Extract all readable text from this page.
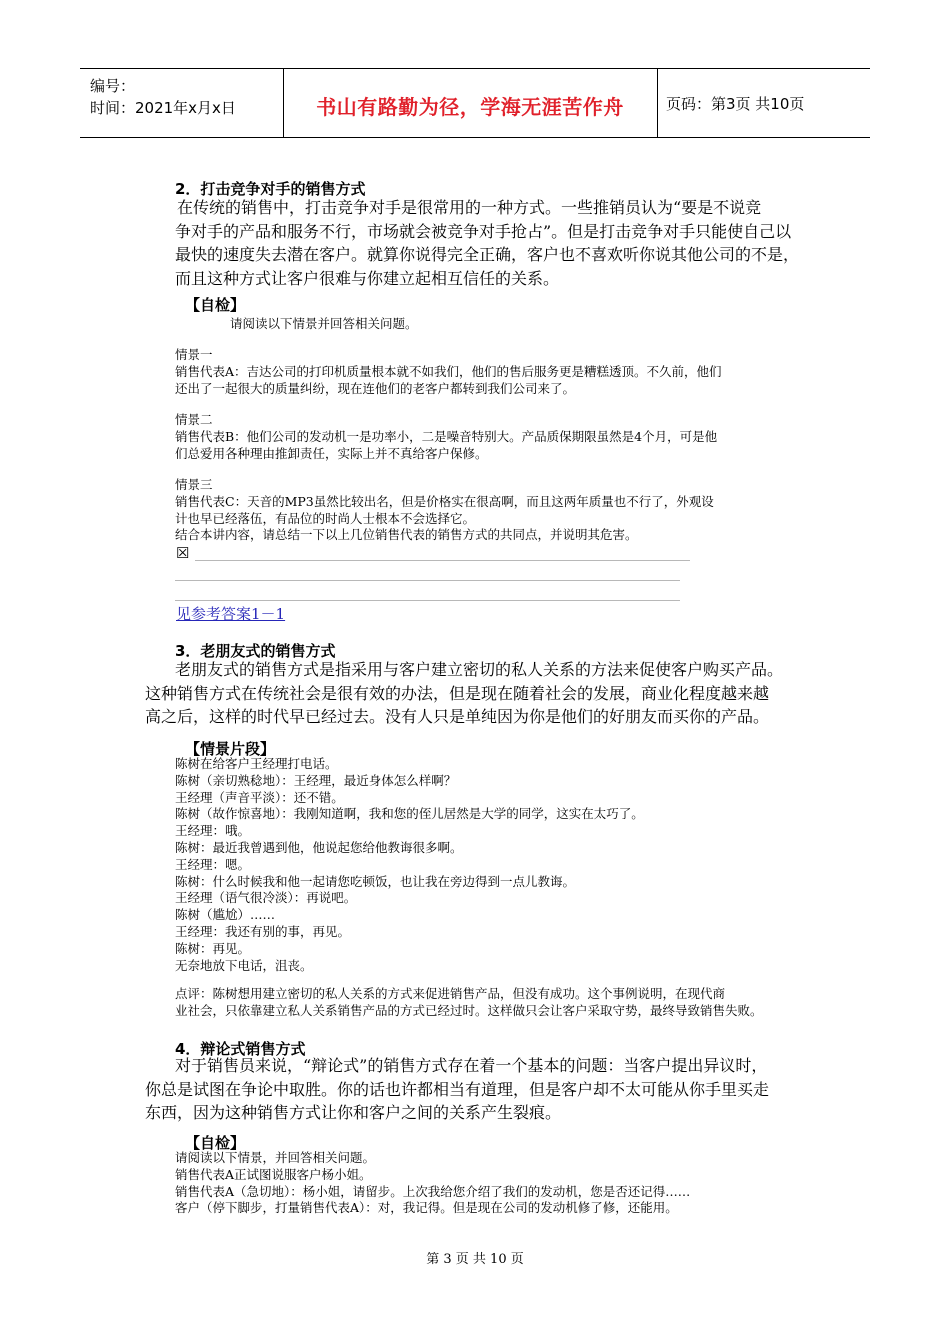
编号：
时间：2021年x月x日	书山有路勤为径，学海无涯苦作舟	页码：第3页 共10页
2．打击竞争对手的销售方式
在传统的销售中，打击竞争对手是很常用的一种方式。一些推销员认为“要是不说竞
争对手的产品和服务不行，市场就会被竞争对手抢占”。但是打击竞争对手只能使自己以
最快的速度失去潜在客户。就算你说得完全正确，客户也不喜欢听你说其他公司的不是，
而且这种方式让客户很难与你建立起相互信任的关系。
【自检】
请阅读以下情景并回答相关问题。
情景一
销售代表A：吉达公司的打印机质量根本就不如我们，他们的售后服务更是糟糕透顶。不久前，他们
还出了一起很大的质量纠纷，现在连他们的老客户都转到我们公司来了。
情景二
销售代表B：他们公司的发动机一是功率小，二是噪音特别大。产品质保期限虽然是4个月，可是他
们总爱用各种理由推卸责任，实际上并不真给客户保修。
情景三
销售代表C：天音的MP3虽然比较出名，但是价格实在很高啊，而且这两年质量也不行了，外观设
计也早已经落伍，有品位的时尚人士根本不会选择它。
结合本讲内容，请总结一下以上几位销售代表的销售方式的共同点，并说明其危害。
☒
见参考答案1－1
3．老朋友式的销售方式
老朋友式的销售方式是指采用与客户建立密切的私人关系的方法来促使客户购买产品。
这种销售方式在传统社会是很有效的办法，但是现在随着社会的发展，商业化程度越来越
高之后，这样的时代早已经过去。没有人只是单纯因为你是他们的好朋友而买你的产品。
【情景片段】
陈树在给客户王经理打电话。
陈树（亲切熟稔地）：王经理，最近身体怎么样啊？
王经理（声音平淡）：还不错。
陈树（故作惊喜地）：我刚知道啊，我和您的侄儿居然是大学的同学，这实在太巧了。
王经理：哦。
陈树：最近我曾遇到他，他说起您给他教诲很多啊。
王经理：嗯。
陈树：什么时候我和他一起请您吃顿饭，也让我在旁边得到一点儿教诲。
王经理（语气很冷淡）：再说吧。
陈树（尴尬）……
王经理：我还有别的事，再见。
陈树：再见。
无奈地放下电话，沮丧。
点评：陈树想用建立密切的私人关系的方式来促进销售产品，但没有成功。这个事例说明，在现代商
业社会，只依靠建立私人关系销售产品的方式已经过时。这样做只会让客户采取守势，最终导致销售失败。
4．辩论式销售方式
对于销售员来说，“辩论式”的销售方式存在着一个基本的问题：当客户提出异议时，
你总是试图在争论中取胜。你的话也许都相当有道理，但是客户却不太可能从你手里买走
东西，因为这种销售方式让你和客户之间的关系产生裂痕。
【自检】
请阅读以下情景，并回答相关问题。
销售代表A正试图说服客户杨小姐。
销售代表A（急切地）：杨小姐，请留步。上次我给您介绍了我们的发动机，您是否还记得……
客户（停下脚步，打量销售代表A）：对，我记得。但是现在公司的发动机修了修，还能用。
第 3 页 共 10 页
